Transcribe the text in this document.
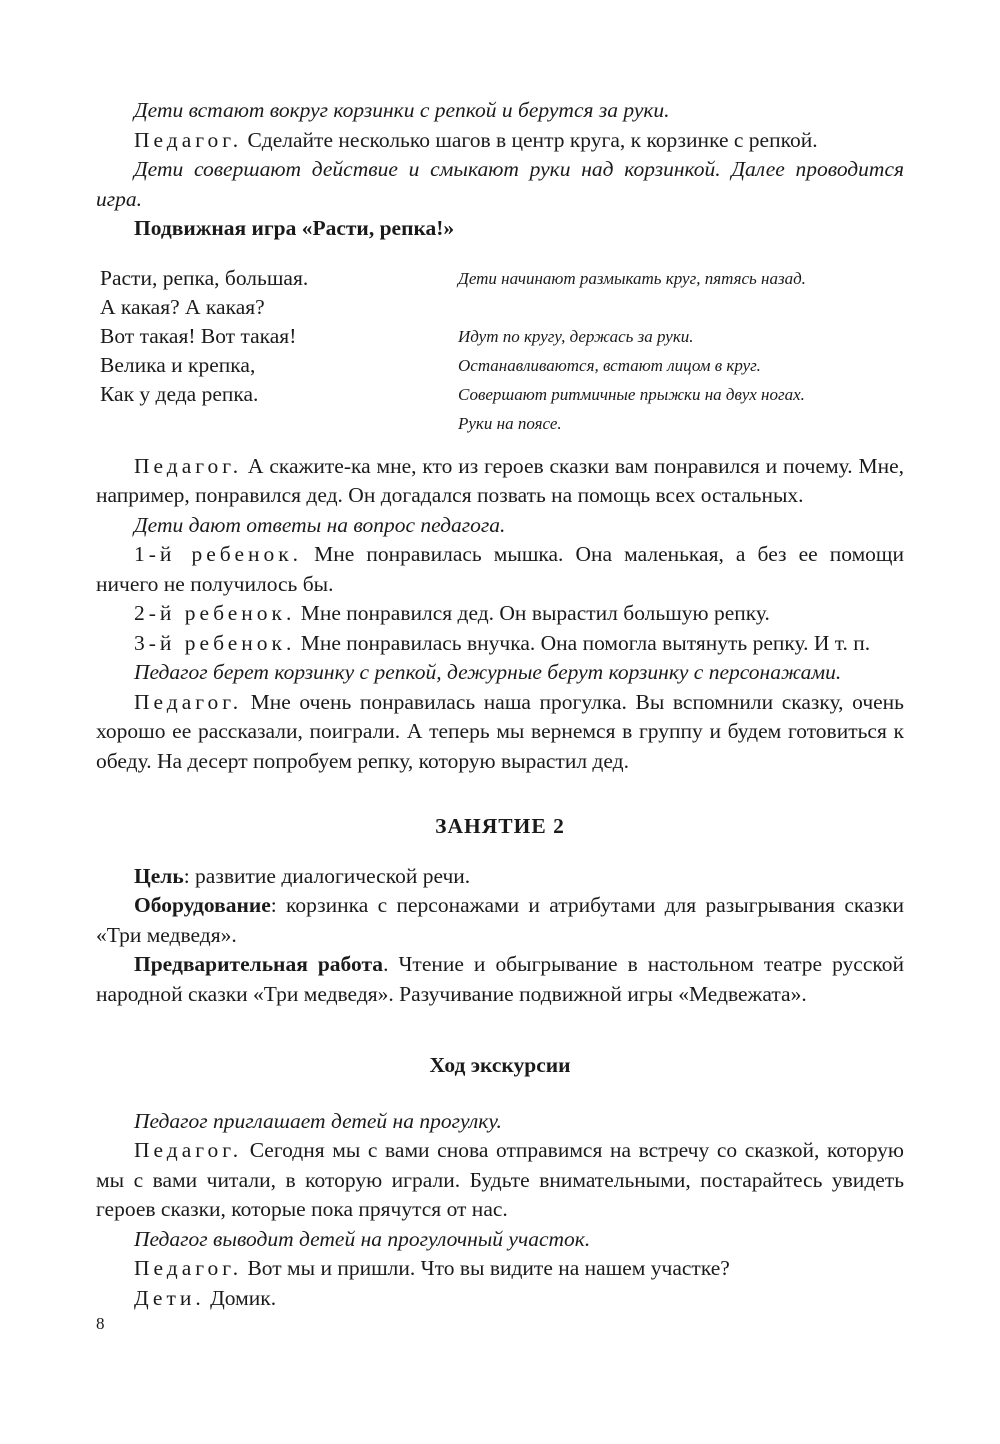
Дети встают вокруг корзинки с репкой и берутся за руки.

Педагог. Сделайте несколько шагов в центр круга, к корзинке с репкой.

Дети совершают действие и смыкают руки над корзинкой. Далее проводится игра.

Подвижная игра «Расти, репка!»

Расти, репка, большая.
А какая? А какая?
Вот такая! Вот такая!
Велика и крепка,
Как у деда репка.
Дети начинают размыкать круг, пятясь назад.
Идут по кругу, держась за руки.
Останавливаются, встают лицом в круг.
Совершают ритмичные прыжки на двух ногах.
Руки на поясе.

Педагог. А скажите-ка мне, кто из героев сказки вам понравился и почему. Мне, например, понравился дед. Он догадался позвать на помощь всех остальных.

Дети дают ответы на вопрос педагога.

1-й ребенок. Мне понравилась мышка. Она маленькая, а без ее помощи ничего не получилось бы.

2-й ребенок. Мне понравился дед. Он вырастил большую репку.

3-й ребенок. Мне понравилась внучка. Она помогла вытянуть репку. И т. п.

Педагог берет корзинку с репкой, дежурные берут корзинку с персонажами.

Педагог. Мне очень понравилась наша прогулка. Вы вспомнили сказку, очень хорошо ее рассказали, поиграли. А теперь мы вернемся в группу и будем готовиться к обеду. На десерт попробуем репку, которую вырастил дед.

ЗАНЯТИЕ 2

Цель: развитие диалогической речи.

Оборудование: корзинка с персонажами и атрибутами для разыгрывания сказки «Три медведя».

Предварительная работа. Чтение и обыгрывание в настольном театре русской народной сказки «Три медведя». Разучивание подвижной игры «Медвежата».

Ход экскурсии

Педагог приглашает детей на прогулку.

Педагог. Сегодня мы с вами снова отправимся на встречу со сказкой, которую мы с вами читали, в которую играли. Будьте внимательными, постарайтесь увидеть героев сказки, которые пока прячутся от нас.

Педагог выводит детей на прогулочный участок.

Педагог. Вот мы и пришли. Что вы видите на нашем участке?

Дети. Домик.

8
